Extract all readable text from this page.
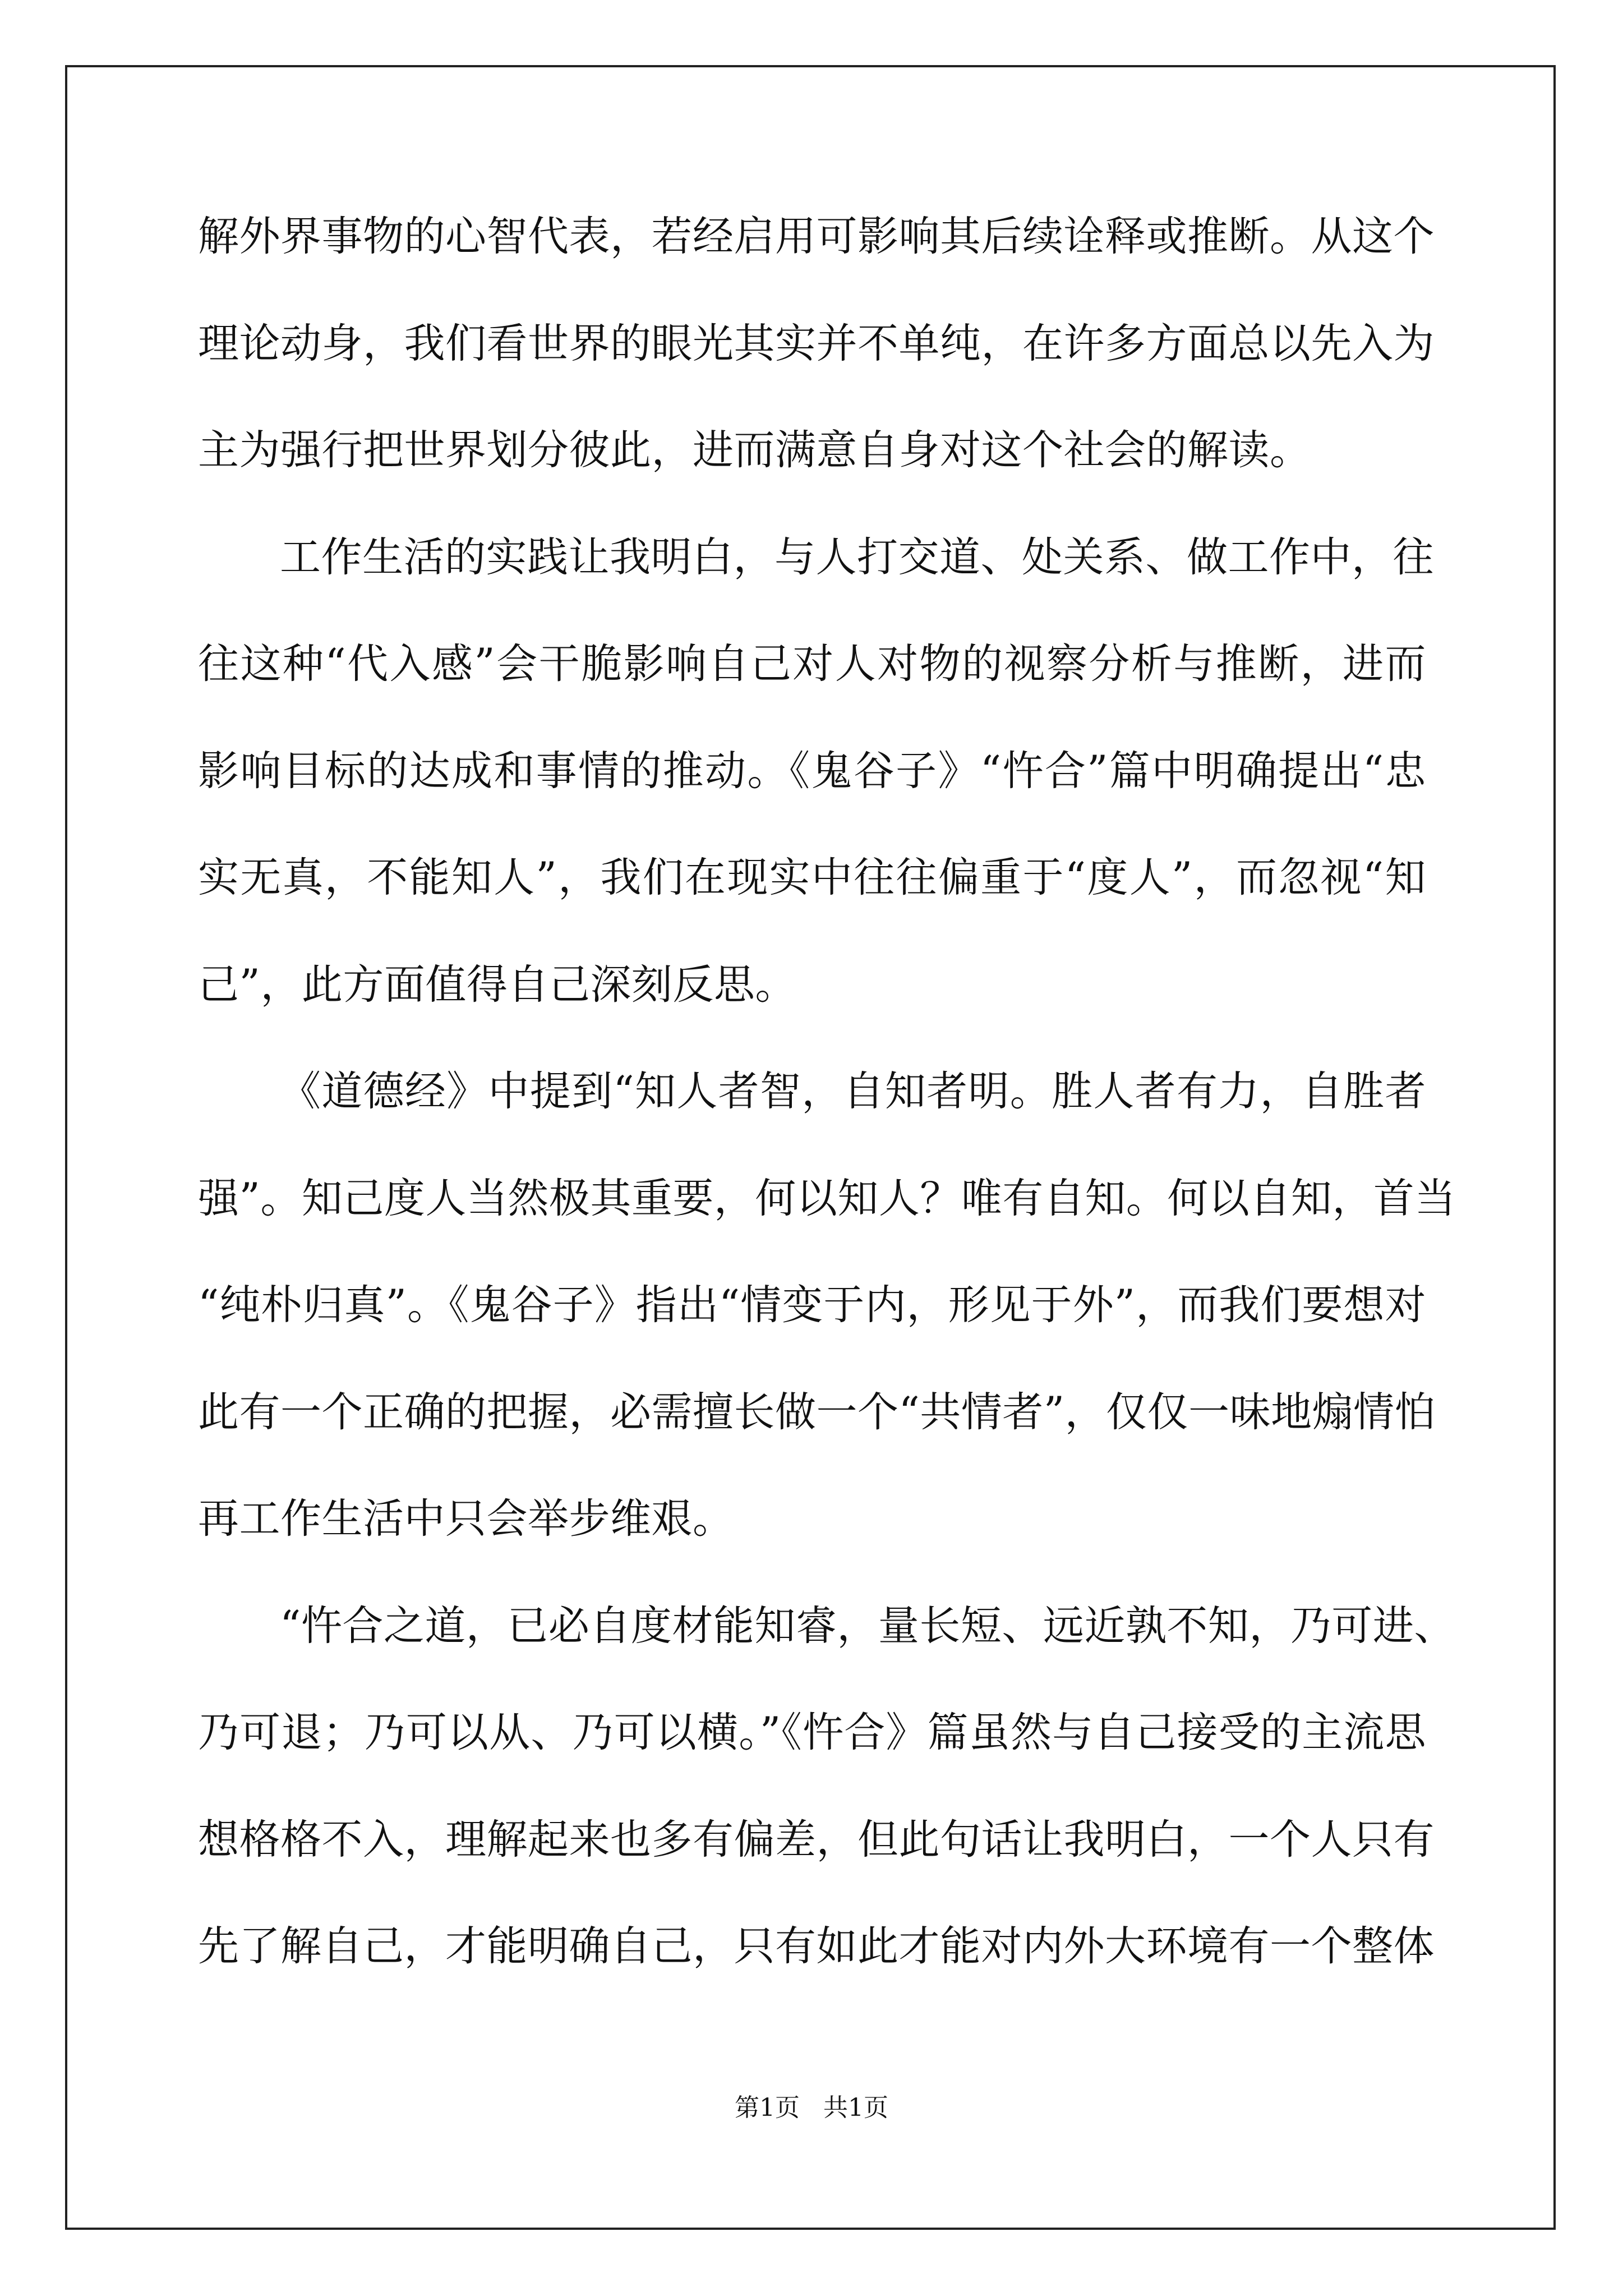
解外界事物的心智代表，若经启用可影响其后续诠释或推断。从这个
理论动身，我们看世界的眼光其实并不单纯，在许多方面总以先入为
主为强行把世界划分彼此，进而满意自身对这个社会的解读。
工作生活的实践让我明白，与人打交道、处关系、做工作中，往
往这种“代入感”会干脆影响自己对人对物的视察分析与推断，进而
影响目标的达成和事情的推动。《鬼谷子》“忤合”篇中明确提出“忠
实无真，不能知人”，我们在现实中往往偏重于“度人”，而忽视“知
己”，此方面值得自己深刻反思。
《道德经》中提到“知人者智，自知者明。胜人者有力，自胜者
强”。知己度人当然极其重要，何以知人？唯有自知。何以自知，首当
“纯朴归真”。《鬼谷子》指出“情变于内，形见于外”，而我们要想对
此有一个正确的把握，必需擅长做一个“共情者”，仅仅一味地煽情怕
再工作生活中只会举步维艰。
“忤合之道，已必自度材能知睿，量长短、远近孰不知，乃可进、
乃可退；乃可以从、乃可以横。”《忤合》篇虽然与自己接受的主流思
想格格不入，理解起来也多有偏差，但此句话让我明白，一个人只有
先了解自己，才能明确自己，只有如此才能对内外大环境有一个整体
第1页   共1页
